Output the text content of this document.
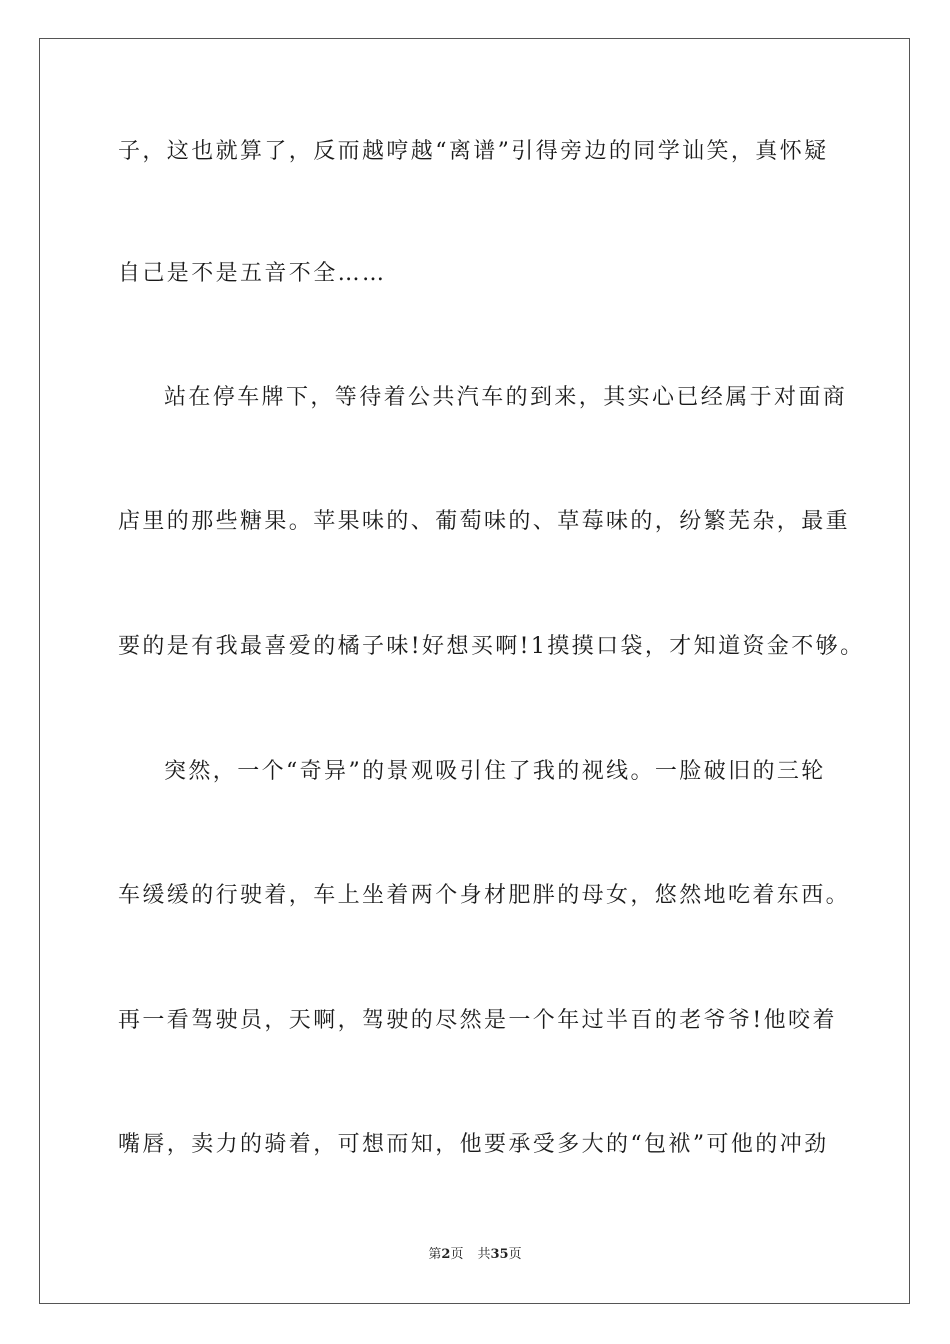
子，这也就算了，反而越哼越“离谱”引得旁边的同学讪笑，真怀疑
自己是不是五音不全……
站在停车牌下，等待着公共汽车的到来，其实心已经属于对面商
店里的那些糖果。苹果味的、葡萄味的、草莓味的，纷繁芜杂，最重
要的是有我最喜爱的橘子味!好想买啊!1摸摸口袋，才知道资金不够。
突然，一个“奇异”的景观吸引住了我的视线。一脸破旧的三轮
车缓缓的行驶着，车上坐着两个身材肥胖的母女，悠然地吃着东西。
再一看驾驶员，天啊，驾驶的尽然是一个年过半百的老爷爷!他咬着
嘴唇，卖力的骑着，可想而知，他要承受多大的“包袱”可他的冲劲
第2页 共35页
